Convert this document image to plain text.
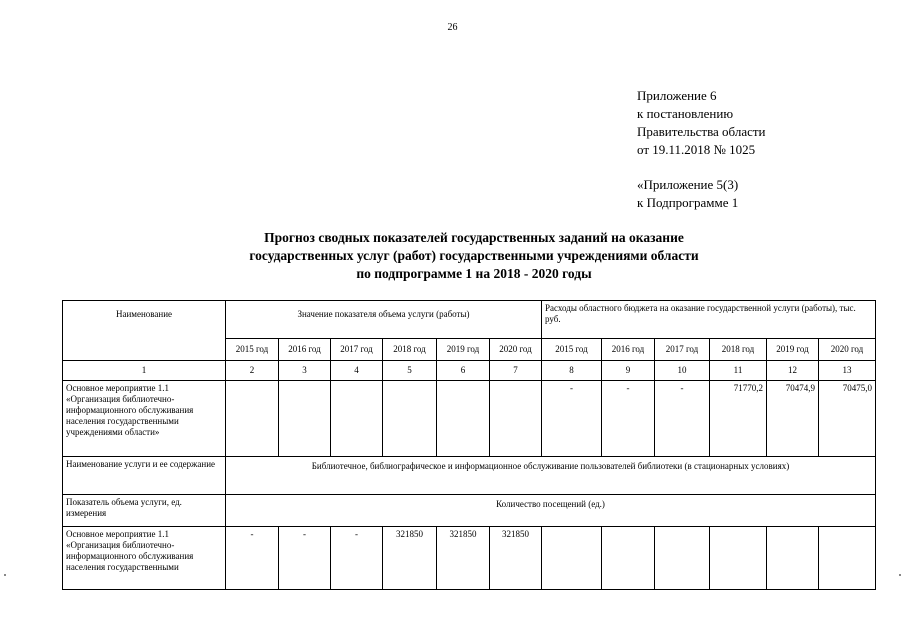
26
Приложение 6
к постановлению
Правительства области
от 19.11.2018 № 1025
«Приложение 5(3)
к Подпрограмме 1
Прогноз сводных показателей государственных заданий на оказание
государственных услуг (работ) государственными учреждениями области
по подпрограмме 1 на 2018 - 2020 годы
Наименование	Значение показателя объема услуги (работы)						Расходы областного бюджета на оказание государственной услуги (работы), тыс. руб.					
	2015 год	2016 год	2017 год	2018 год	2019 год	2020 год	2015 год	2016 год	2017 год	2018 год	2019 год	2020 год
1	2	3	4	5	6	7	8	9	10	11	12	13
Основное мероприятие 1.1 «Организация библиотечно-информационного обслуживания населения государственными учреждениями области»							-	-	-	71770,2	70474,9	70475,0
Наименование услуги и ее содержание	Библиотечное, библиографическое и информационное обслуживание пользователей библиотеки (в стационарных условиях)											
Показатель объема услуги, ед. измерения	Количество посещений (ед.)											
Основное мероприятие 1.1 «Организация библиотечно-информационного обслуживания населения государственными	-	-	-	321850	321850	321850						
